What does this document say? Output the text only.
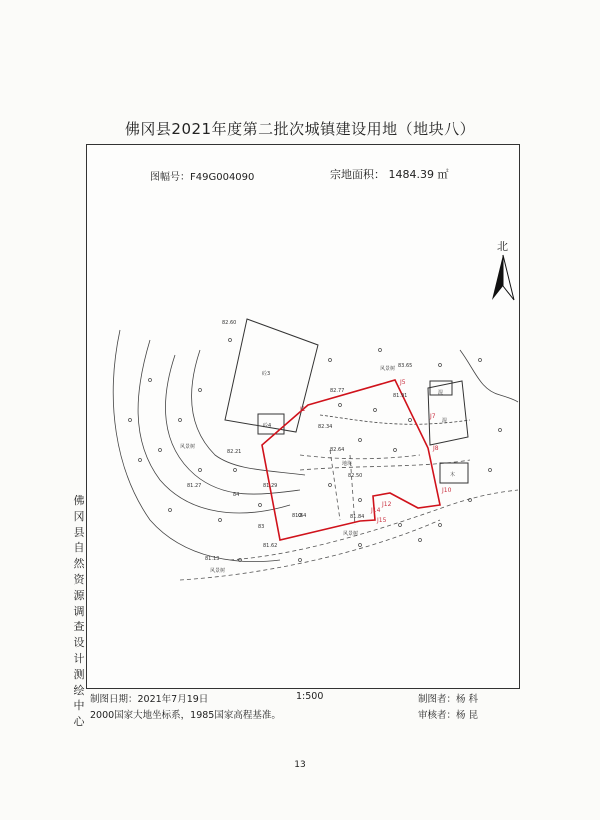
佛冈县2021年度第二批次城镇建设用地（地块八）
砼3
砼4
混
混
木
风景树
风景树
风景树
风景树
地块
82.60
83.65
82.77
82.34
82.50
81.91
82.21	82.64
81.29
81.84
81.64
81.62
81.27
81.13
83
84
J1
J5
J7
J8
J10
J12
J14
J15
图幅号：F49G004090	宗地面积： 1484.39 ㎡
北
佛
冈
县
自
然
资
源
调
查
设
计
测
绘
中
心
制图日期：2021年7月19日	1:500	制图者：杨 科
2000国家大地坐标系，1985国家高程基准。	审核者：杨 昆
13
